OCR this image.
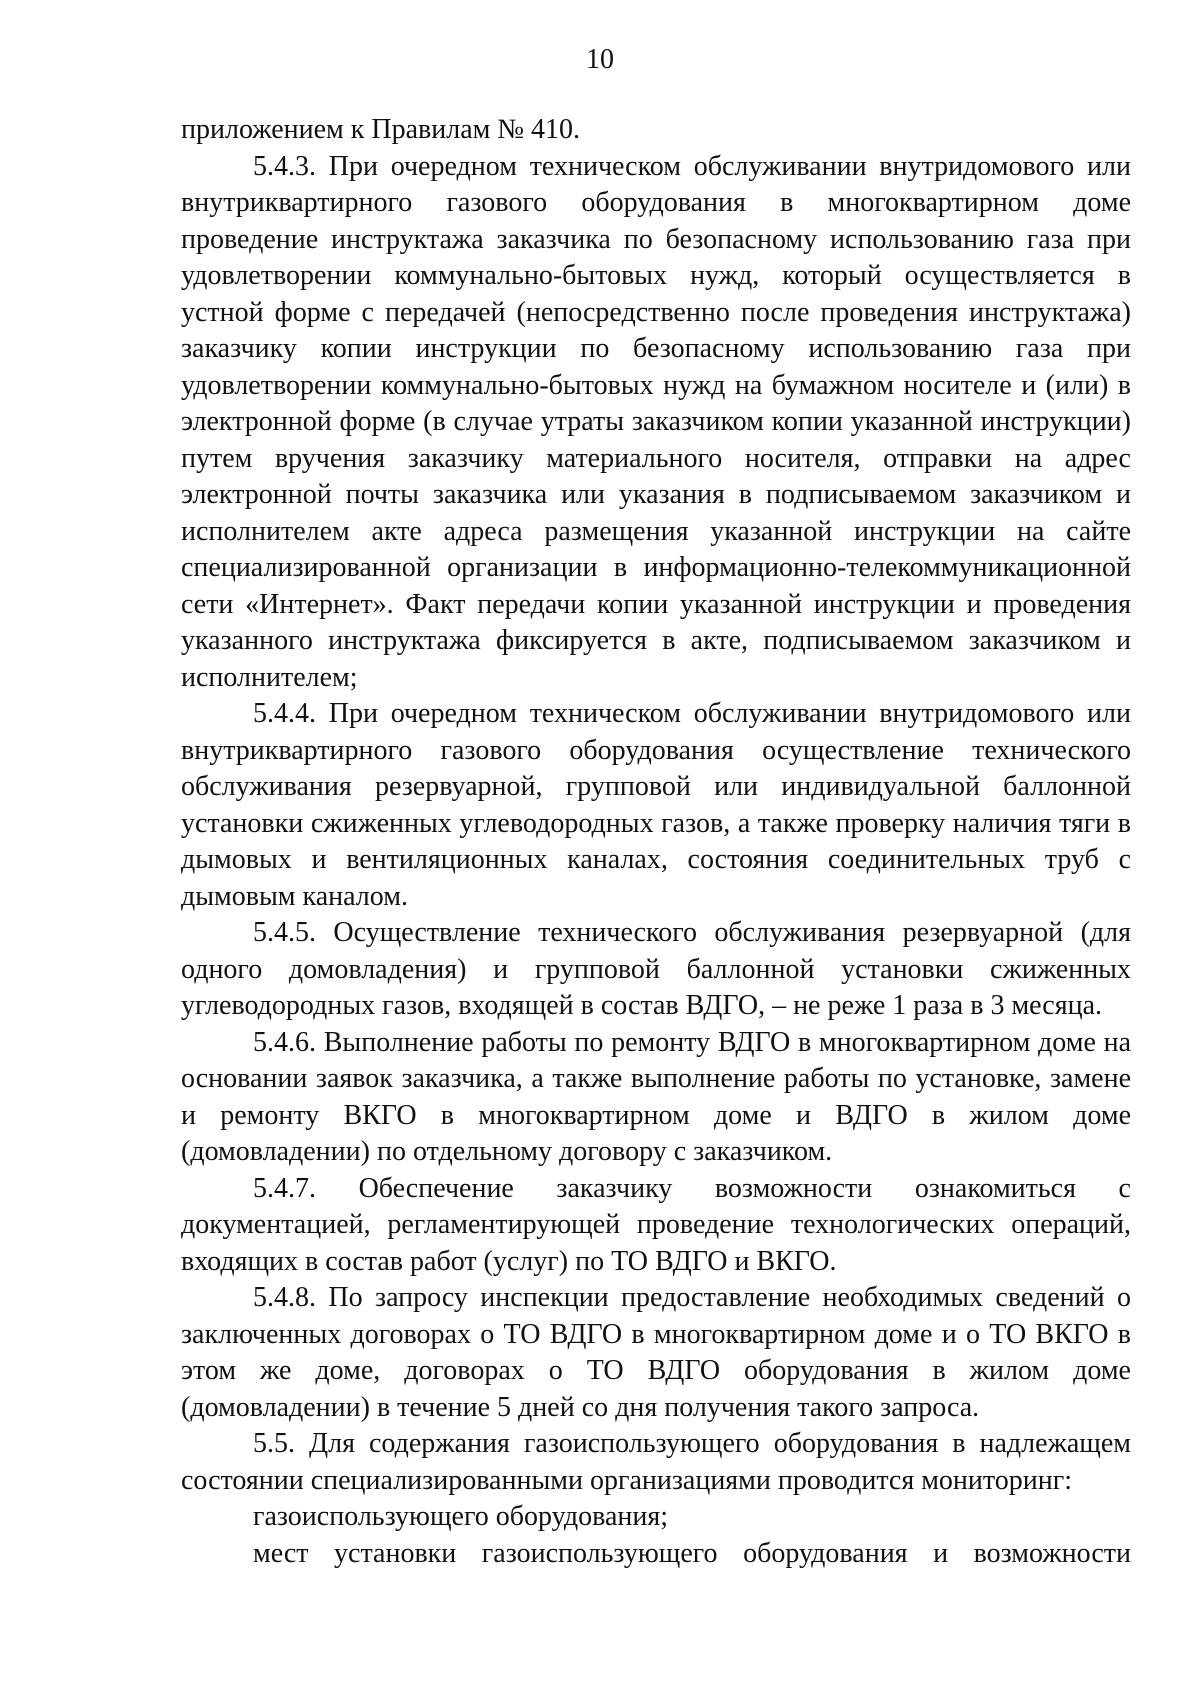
10

приложением к Правилам № 410.

5.4.3. При очередном техническом обслуживании внутридомового или внутриквартирного газового оборудования в многоквартирном доме проведение инструктажа заказчика по безопасному использованию газа при удовлетворении коммунально-бытовых нужд, который осуществляется в устной форме с передачей (непосредственно после проведения инструктажа) заказчику копии инструкции по безопасному использованию газа при удовлетворении коммунально-бытовых нужд на бумажном носителе и (или) в электронной форме (в случае утраты заказчиком копии указанной инструкции) путем вручения заказчику материального носителя, отправки на адрес электронной почты заказчика или указания в подписываемом заказчиком и исполнителем акте адреса размещения указанной инструкции на сайте специализированной организации в информационно-телекоммуникационной сети «Интернет». Факт передачи копии указанной инструкции и проведения указанного инструктажа фиксируется в акте, подписываемом заказчиком и исполнителем;

5.4.4. При очередном техническом обслуживании внутридомового или внутриквартирного газового оборудования осуществление технического обслуживания резервуарной, групповой или индивидуальной баллонной установки сжиженных углеводородных газов, а также проверку наличия тяги в дымовых и вентиляционных каналах, состояния соединительных труб с дымовым каналом.

5.4.5. Осуществление технического обслуживания резервуарной (для одного домовладения) и групповой баллонной установки сжиженных углеводородных газов, входящей в состав ВДГО, – не реже 1 раза в 3 месяца.

5.4.6. Выполнение работы по ремонту ВДГО в многоквартирном доме на основании заявок заказчика, а также выполнение работы по установке, замене и ремонту ВКГО в многоквартирном доме и ВДГО в жилом доме (домовладении) по отдельному договору с заказчиком.

5.4.7. Обеспечение заказчику возможности ознакомиться с документацией, регламентирующей проведение технологических операций, входящих в состав работ (услуг) по ТО ВДГО и ВКГО.

5.4.8. По запросу инспекции предоставление необходимых сведений о заключенных договорах о ТО ВДГО в многоквартирном доме и о ТО ВКГО в этом же доме, договорах о ТО ВДГО оборудования в жилом доме (домовладении) в течение 5 дней со дня получения такого запроса.

5.5. Для содержания газоиспользующего оборудования в надлежащем состоянии специализированными организациями проводится мониторинг:

газоиспользующего оборудования;

мест установки газоиспользующего оборудования и возможности
